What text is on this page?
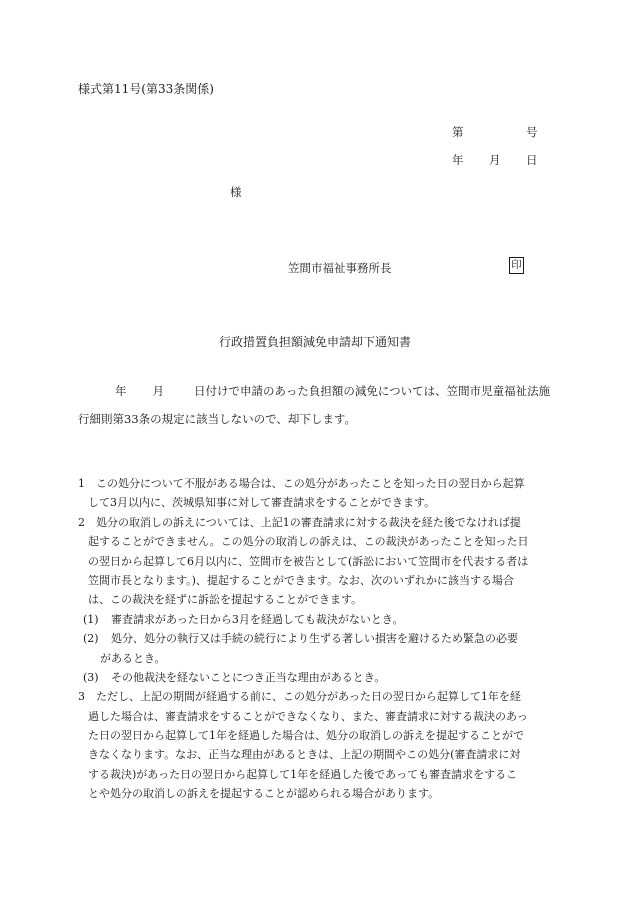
様式第11号(第33条関係)
第	号
年 月 日
様
笠間市福祉事務所長	印
行政措置負担額減免申請却下通知書
年 月	日付けで申請のあった負担額の減免については、笠間市児童福祉法施
行細則第33条の規定に該当しないので、却下します。
1 この処分について不服がある場合は、この処分があったことを知った日の翌日から起算
して3月以内に、茨城県知事に対して審査請求をすることができます。
2 処分の取消しの訴えについては、上記1の審査請求に対する裁決を経た後でなければ提
起することができません。この処分の取消しの訴えは、この裁決があったことを知った日
の翌日から起算して6月以内に、笠間市を被告として(訴訟において笠間市を代表する者は
笠間市長となります。)、提起することができます。なお、次のいずれかに該当する場合
は、この裁決を経ずに訴訟を提起することができます。
(1) 審査請求があった日から3月を経過しても裁決がないとき。
(2) 処分、処分の執行又は手続の続行により生ずる著しい損害を避けるため緊急の必要
があるとき。
(3) その他裁決を経ないことにつき正当な理由があるとき。
3 ただし、上記の期間が経過する前に、この処分があった日の翌日から起算して1年を経
過した場合は、審査請求をすることができなくなり、また、審査請求に対する裁決のあっ
た日の翌日から起算して1年を経過した場合は、処分の取消しの訴えを提起することがで
きなくなります。なお、正当な理由があるときは、上記の期間やこの処分(審査請求に対
する裁決)があった日の翌日から起算して1年を経過した後であっても審査請求をするこ
とや処分の取消しの訴えを提起することが認められる場合があります。
